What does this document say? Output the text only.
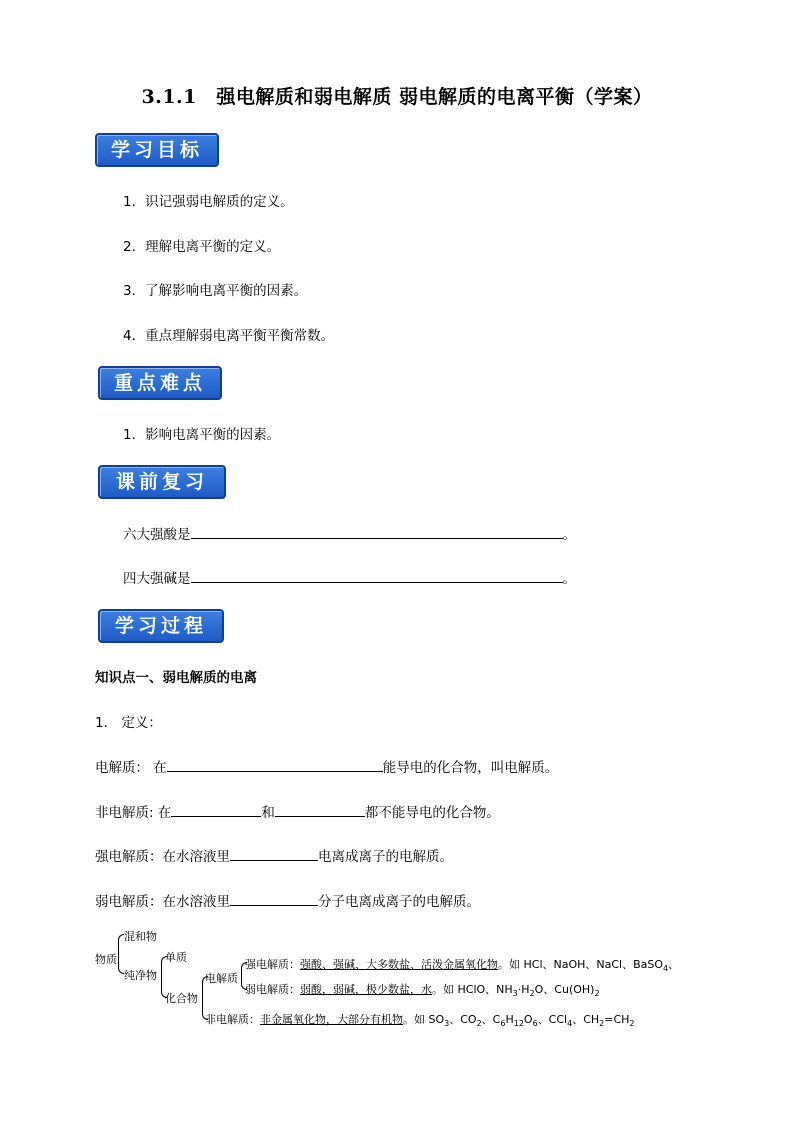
3.1.1　强电解质和弱电解质 弱电解质的电离平衡（学案）
学习目标
1．识记强弱电解质的定义。
2．理解电离平衡的定义。
3．了解影响电离平衡的因素。
4．重点理解弱电离平衡平衡常数。
重点难点
1．影响电离平衡的因素。
课前复习
六大强酸是	。
四大强碱是	。
学习过程
知识点一、弱电解质的电离
1． 定义：
电解质： 在	能导电的化合物，叫电解质。
非电解质: 在	和	都不能导电的化合物。
强电解质：在水溶液里	电离成离子的电解质。
弱电解质：在水溶液里	分子电离成离子的电解质。
物质
混和物
纯净物
单质
化合物
电解质
强电解质：强酸、强碱、大多数盐、活泼金属氧化物。如 HCl、NaOH、NaCl、BaSO$_4$、
弱电解质：弱酸，弱碱，极少数盐，水。如 HClO、$NH_3\cdot H_2O$、$Cu(OH)_2$
非电解质：非金属氧化物，大部分有机物。如 $SO_3$、$CO_2$、$C_6H_{12}O_6$、CCl$_4$、$CH_2=CH_2$
